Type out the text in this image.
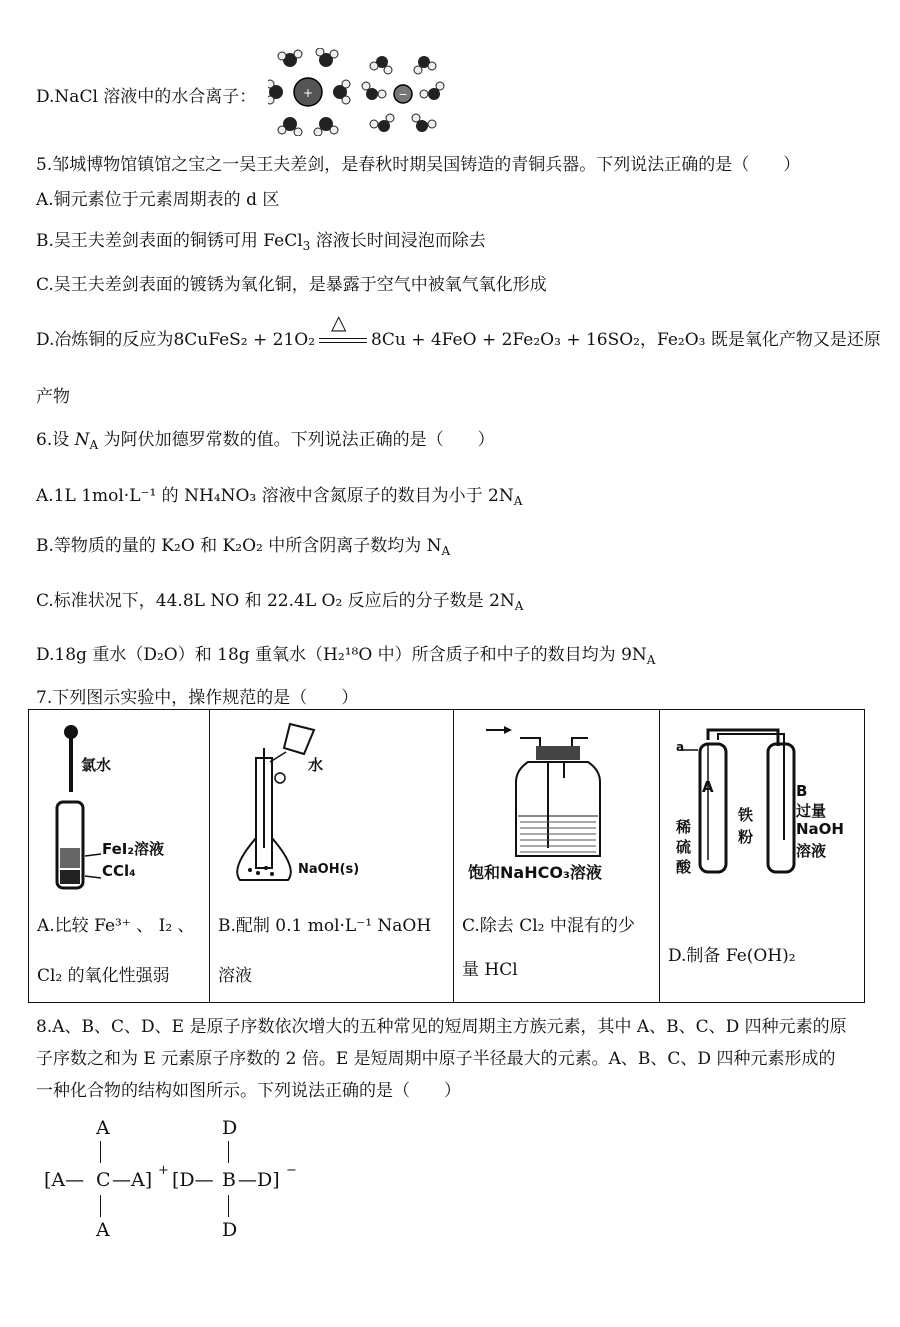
D.NaCl 溶液中的水合离子：	+	−
5.邹城博物馆镇馆之宝之一吴王夫差剑，是春秋时期吴国铸造的青铜兵器。下列说法正确的是（　　）
A.铜元素位于元素周期表的 d 区
B.吴王夫差剑表面的铜锈可用 FeCl$_3$ 溶液长时间浸泡而除去
C.吴王夫差剑表面的镀锈为氧化铜，是暴露于空气中被氧气氧化形成
D.冶炼铜的反应为8CuFeS₂ + 21O₂
△
8Cu + 4FeO + 2Fe₂O₃ + 16SO₂，Fe₂O₃ 既是氧化产物又是还原
产物
6.设 $N_A$ 为阿伏加德罗常数的值。下列说法正确的是（　　）
A.1L 1mol·L⁻¹ 的 NH₄NO₃ 溶液中含氮原子的数目为小于 $2N_A$
B.等物质的量的 K₂O 和 K₂O₂ 中所含阴离子数均为 $N_A$
C.标准状况下，44.8L NO 和 22.4L O₂ 反应后的分子数是 $2N_A$
D.18g 重水（D₂O）和 18g 重氧水（H₂¹⁸O 中）所含质子和中子的数目均为 $9N_A$
7.下列图示实验中，操作规范的是（　　）
氯水
FeI₂溶液
CCl₄
A.比较 Fe³⁺ 、 I₂ 、
Cl₂ 的氧化性强弱

水
NaOH(s)
B.配制 0.1 mol·L⁻¹ NaOH
溶液

饱和NaHCO₃溶液
C.除去 Cl₂ 中混有的少
量 HCl

a
A	B
过量
NaOH
溶液
稀
硫
酸
铁
粉
D.制备 Fe(OH)₂
8.A、B、C、D、E 是原子序数依次增大的五种常见的短周期主方族元素，其中 A、B、C、D 四种元素的原
子序数之和为 E 元素原子序数的 2 倍。E 是短周期中原子半径最大的元素。A、B、C、D 四种元素形成的
一种化合物的结构如图所示。下列说法正确的是（　　）
A
[A— C —A] +
A
D
[D— B —D] −
D
